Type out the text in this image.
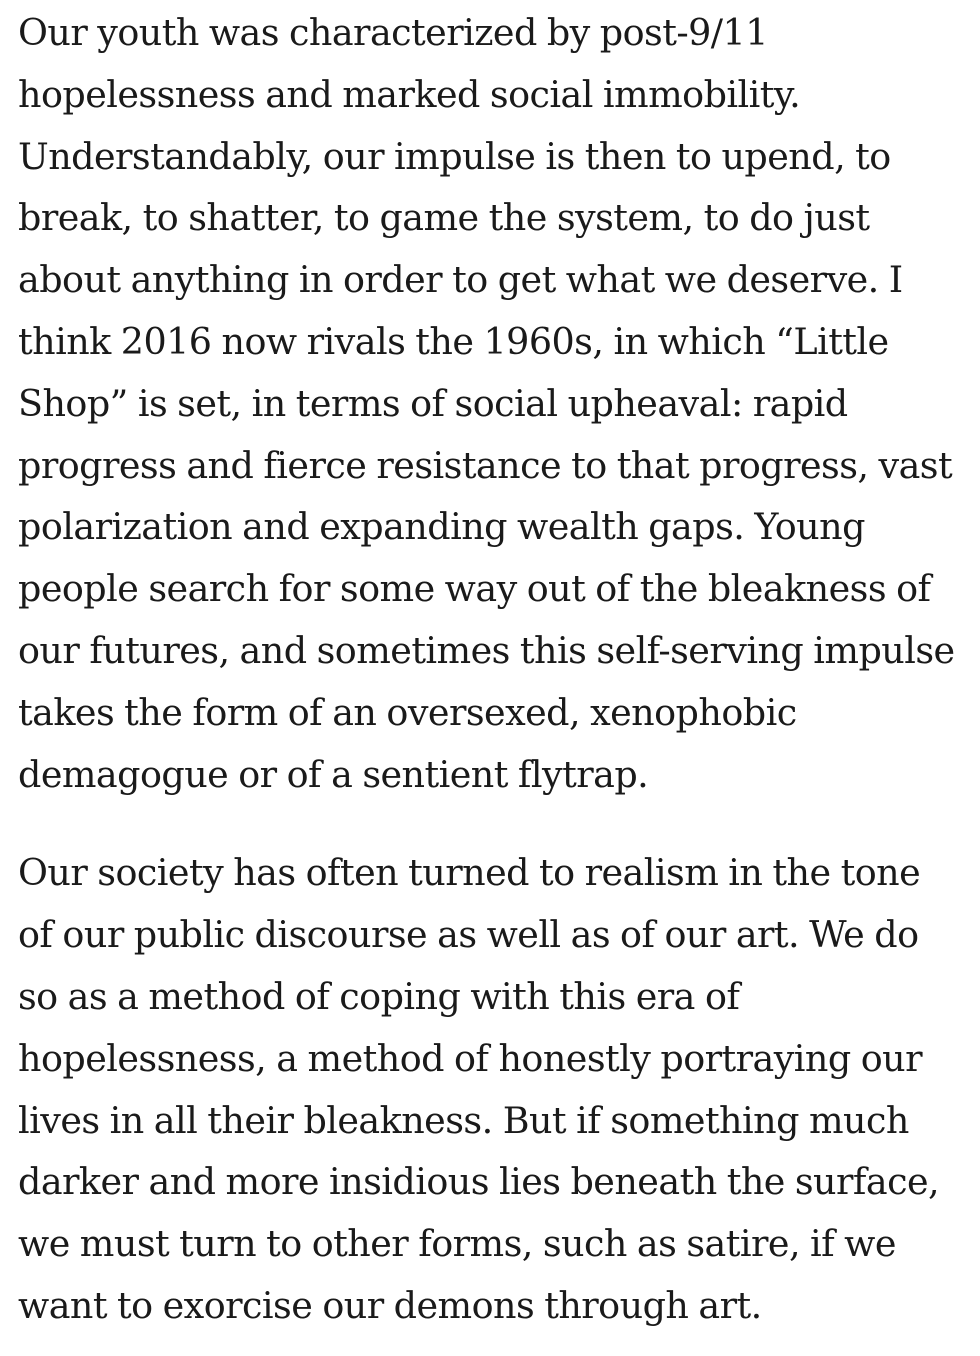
Our youth was characterized by post-9/11
hopelessness and marked social immobility.
Understandably, our impulse is then to upend, to
break, to shatter, to game the system, to do just
about anything in order to get what we deserve. I
think 2016 now rivals the 1960s, in which “Little
Shop” is set, in terms of social upheaval: rapid
progress and fierce resistance to that progress, vast
polarization and expanding wealth gaps. Young
people search for some way out of the bleakness of
our futures, and sometimes this self-serving impulse
takes the form of an oversexed, xenophobic
demagogue or of a sentient flytrap.

Our society has often turned to realism in the tone
of our public discourse as well as of our art. We do
so as a method of coping with this era of
hopelessness, a method of honestly portraying our
lives in all their bleakness. But if something much
darker and more insidious lies beneath the surface,
we must turn to other forms, such as satire, if we
want to exorcise our demons through art.
